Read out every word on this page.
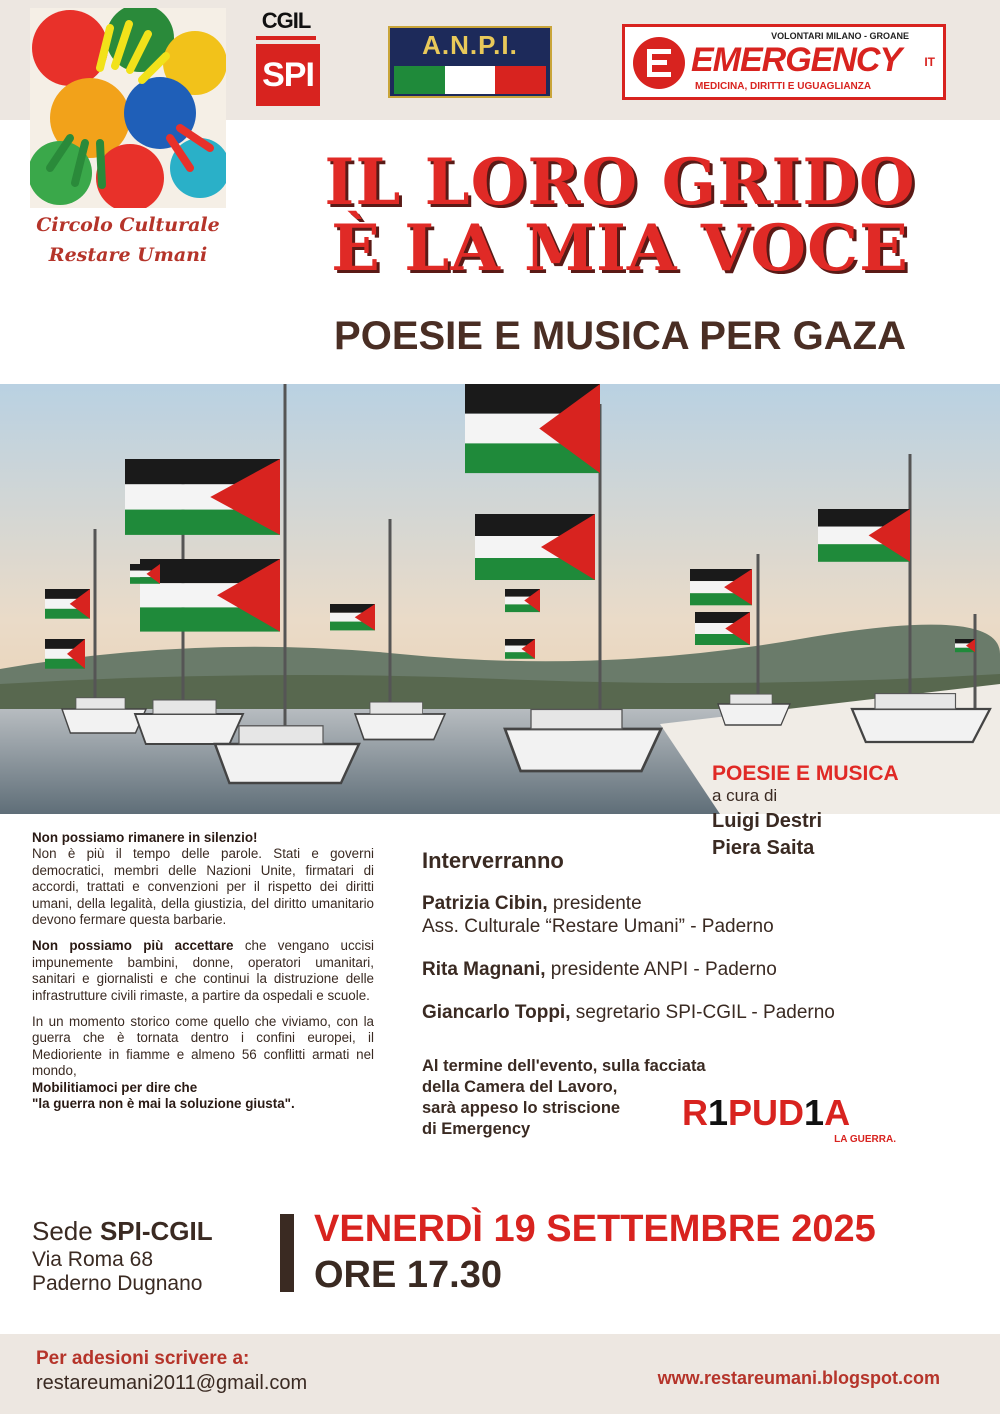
Circolo Culturale
Restare Umani
CGIL
SPI
A.N.P.I.	VOLONTARI MILANO - GROANE
EMERGENCY IT
MEDICINA, DIRITTI E UGUAGLIANZA
IL LORO GRIDO
È LA MIA VOCE
POESIE E MUSICA PER GAZA
POESIE E MUSICA
a cura di
Luigi Destri
Piera Saita

Non possiamo rimanere in silenzio!
Non è più il tempo delle parole. Stati e governi democratici, membri delle Nazioni Unite, firmatari di accordi, trattati e convenzioni per il rispetto dei diritti umani, della legalità, della giustizia, del diritto umanitario devono fermare questa barbarie.

Non possiamo più accettare che vengano uccisi impunemente bambini, donne, operatori umanitari, sanitari e giornalisti e che continui la distruzione delle infrastrutture civili rimaste, a partire da ospedali e scuole.

In un momento storico come quello che viviamo, con la guerra che è tornata dentro i confini europei, il Medioriente in fiamme e almeno 56 conflitti armati nel mondo,
Mobilitiamoci per dire che
"la guerra non è mai la soluzione giusta".

Interverranno
Patrizia Cibin, presidente
Ass. Culturale “Restare Umani” - Paderno
Rita Magnani, presidente ANPI - Paderno
Giancarlo Toppi, segretario SPI-CGIL - Paderno
Al termine dell'evento, sulla facciata
della Camera del Lavoro,
sarà appeso lo striscione
di Emergency	R1PUD1A
LA GUERRA.
Sede SPI-CGIL
Via Roma 68
Paderno Dugnano
VENERDÌ 19 SETTEMBRE 2025
ORE 17.30
Per adesioni scrivere a:
restareumani2011@gmail.com	www.restareumani.blogspot.com
